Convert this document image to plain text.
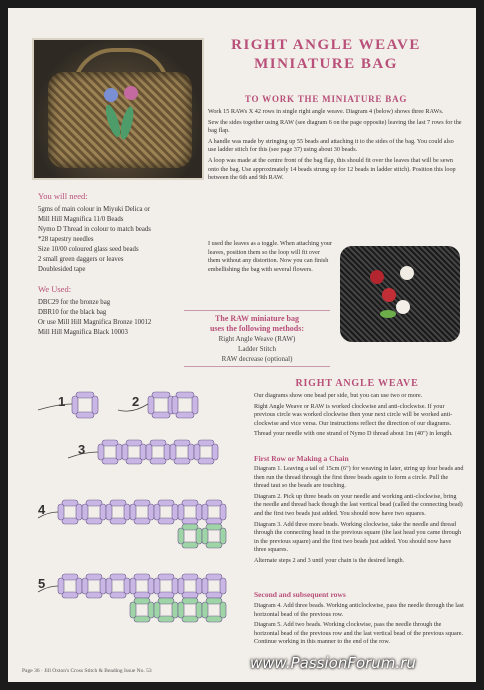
RIGHT ANGLE WEAVE
MINIATURE BAG
TO WORK THE MINIATURE BAG

Work 15 RAWs X 42 rows in single right angle weave. Diagram 4 (below) shows three RAWs.

Sew the sides together using RAW (see diagram 6 on the page opposite) leaving the last 7 rows for the bag flap.

A handle was made by stringing up 55 beads and attaching it to the sides of the bag. You could also use ladder stitch for this (see page 37) using about 30 beads.

A loop was made at the centre front of the bag flap, this should fit over the leaves that will be sewn onto the bag. Use approximately 14 beads strung up for 12 beads in ladder stitch). Position this loop between the 6th and 9th RAW.

I used the leaves as a toggle. When attaching your leaves, position them so the loop will fit over them without any distortion. Now you can finish embellishing the bag with several flowers.

You will need:

5gms of main colour in Miyuki Delica or

Mill Hill Magnifica 11/0 Beads

Nymo D Thread in colour to match beads

*28 tapestry needles

Size 10/00 coloured glass seed beads

2 small green daggers or leaves

Doublesided tape

We Used:

DBC29 for the bronze bag

DBR10 for the black bag

Or use Mill Hill Magnifica Bronze 10012

Mill Hill Magnifica Black 10003

The RAW miniature bag
uses the following methods:
Right Angle Weave (RAW)
Ladder Stitch
RAW decrease (optional)
RIGHT ANGLE WEAVE

Our diagrams show one bead per side, but you can use two or more.

Right Angle Weave or RAW is worked clockwise and anti-clockwise. If your previous circle was worked clockwise then your next circle will be worked anti-clockwise and vice versa. Our instructions reflect the direction of our diagrams.

Thread your needle with one strand of Nymo D thread about 1m (40") in length.

First Row or Making a Chain

Diagram 1. Leaving a tail of 15cm (6") for weaving in later, string up four beads and then run the thread through the first three beads again to form a circle. Pull the thread taut so the beads are touching.

Diagram 2. Pick up three beads on your needle and working anti-clockwise, bring the needle and thread back though the last vertical bead (called the connecting bead) and the first two beads just added. You should now have two squares.

Diagram 3. Add three more beads. Working clockwise, take the needle and thread through the connecting head in the previous square (the last head you came through in the previous square) and the first two beads just added. You should now have three squares.

Alternate steps 2 and 3 until your chain is the desired length.

Second and subsequent rows

Diagram 4. Add three beads. Working anticlockwise, pass the needle through the last horizontal bead of the previous row.

Diagram 5. Add two beads. Working clockwise, pass the needle through the horizontal bead of the previous row and the last vertical bead of the previous square. Continue working in this manner to the end of the row.

1	2
3
4
5
Page 36 · Jill Oxton's Cross Stitch & Beading Issue No. 53	www.PassionForum.ru
